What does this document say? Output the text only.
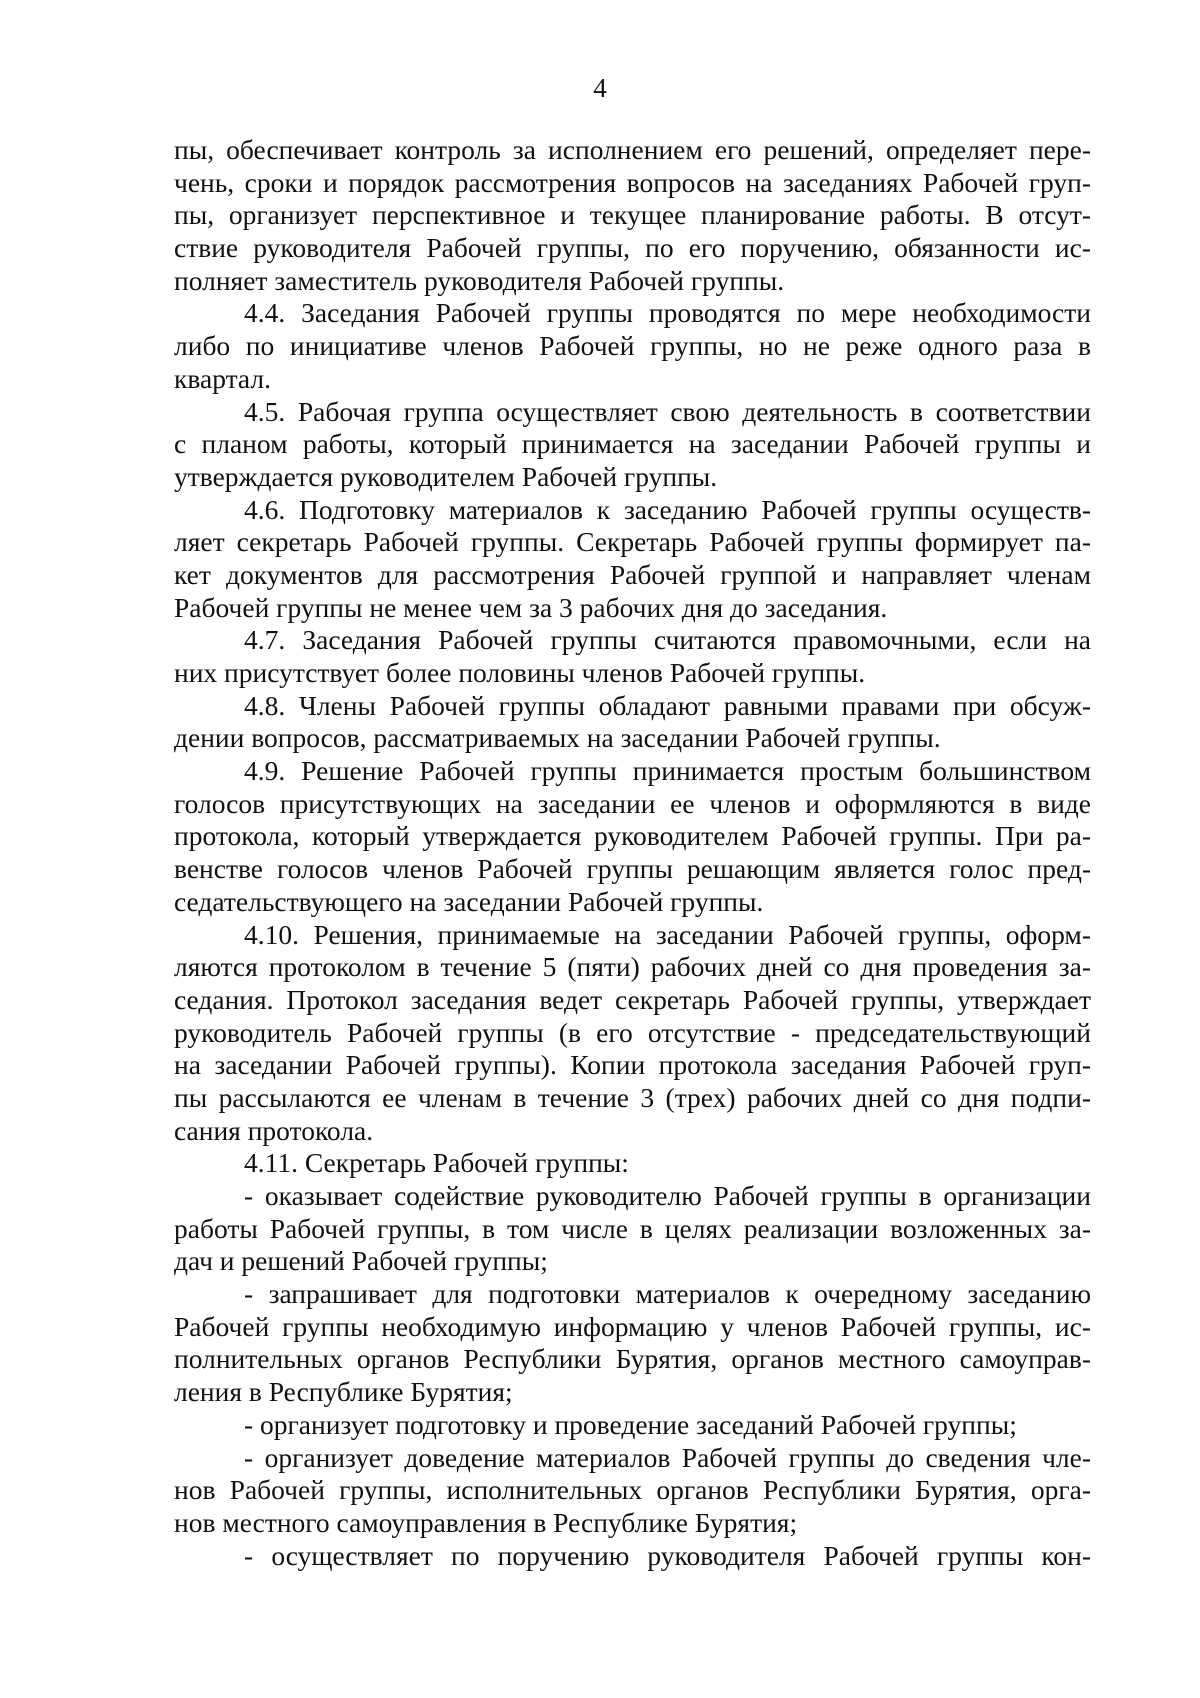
4
пы, обеспечивает контроль за исполнением его решений, определяет пере-
чень, сроки и порядок рассмотрения вопросов на заседаниях Рабочей груп-
пы, организует перспективное и текущее планирование работы. В отсут-
ствие руководителя Рабочей группы, по его поручению, обязанности ис-
полняет заместитель руководителя Рабочей группы.
4.4. Заседания Рабочей группы проводятся по мере необходимости
либо по инициативе членов Рабочей группы, но не реже одного раза в
квартал.
4.5. Рабочая группа осуществляет свою деятельность в соответствии
с планом работы, который принимается на заседании Рабочей группы и
утверждается руководителем Рабочей группы.
4.6. Подготовку материалов к заседанию Рабочей группы осуществ-
ляет секретарь Рабочей группы. Секретарь Рабочей группы формирует па-
кет документов для рассмотрения Рабочей группой и направляет членам
Рабочей группы не менее чем за 3 рабочих дня до заседания.
4.7. Заседания Рабочей группы считаются правомочными, если на
них присутствует более половины членов Рабочей группы.
4.8. Члены Рабочей группы обладают равными правами при обсуж-
дении вопросов, рассматриваемых на заседании Рабочей группы.
4.9. Решение Рабочей группы принимается простым большинством
голосов присутствующих на заседании ее членов и оформляются в виде
протокола, который утверждается руководителем Рабочей группы. При ра-
венстве голосов членов Рабочей группы решающим является голос пред-
седательствующего на заседании Рабочей группы.
4.10. Решения, принимаемые на заседании Рабочей группы, оформ-
ляются протоколом в течение 5 (пяти) рабочих дней со дня проведения за-
седания. Протокол заседания ведет секретарь Рабочей группы, утверждает
руководитель Рабочей группы (в его отсутствие - председательствующий
на заседании Рабочей группы). Копии протокола заседания Рабочей груп-
пы рассылаются ее членам в течение 3 (трех) рабочих дней со дня подпи-
сания протокола.
4.11. Секретарь Рабочей группы:
- оказывает содействие руководителю Рабочей группы в организации
работы Рабочей группы, в том числе в целях реализации возложенных за-
дач и решений Рабочей группы;
- запрашивает для подготовки материалов к очередному заседанию
Рабочей группы необходимую информацию у членов Рабочей группы, ис-
полнительных органов Республики Бурятия, органов местного самоуправ-
ления в Республике Бурятия;
- организует подготовку и проведение заседаний Рабочей группы;
- организует доведение материалов Рабочей группы до сведения чле-
нов Рабочей группы, исполнительных органов Республики Бурятия, орга-
нов местного самоуправления в Республике Бурятия;
- осуществляет по поручению руководителя Рабочей группы кон-
